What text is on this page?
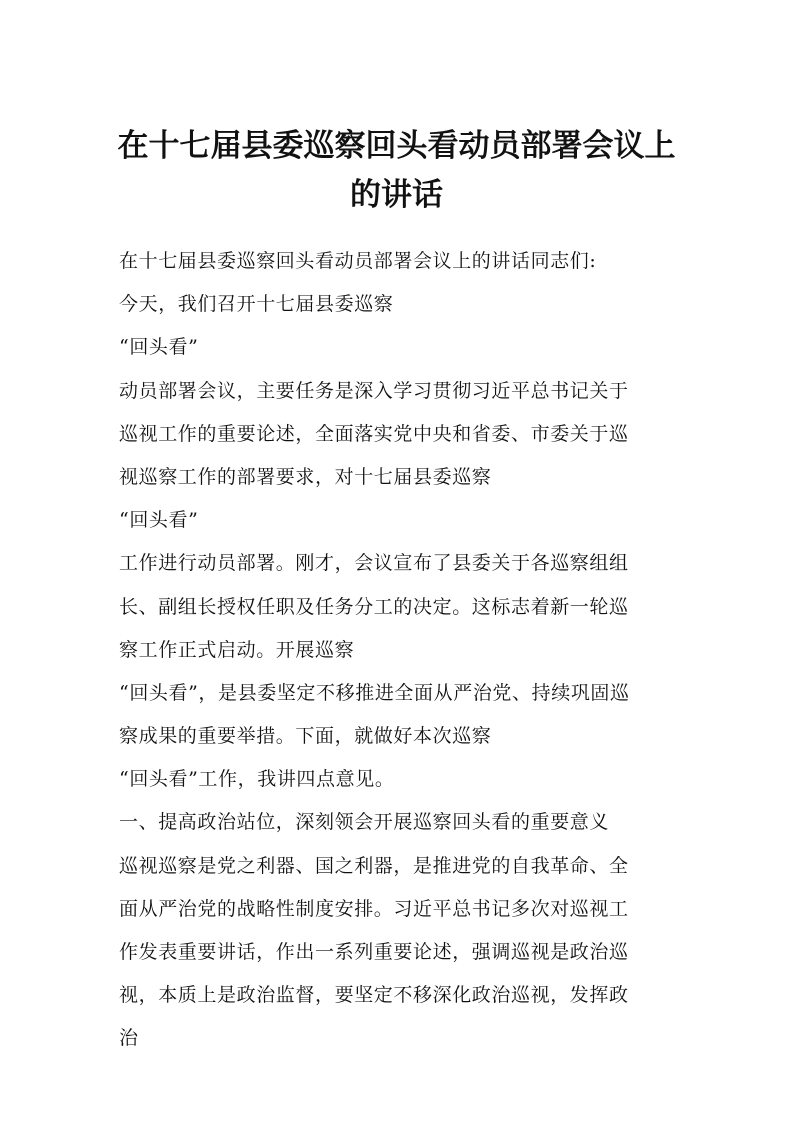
在十七届县委巡察回头看动员部署会议上
的讲话
在十七届县委巡察回头看动员部署会议上的讲话同志们:
今天，我们召开十七届县委巡察
“回头看”
动员部署会议，主要任务是深入学习贯彻习近平总书记关于
巡视工作的重要论述，全面落实党中央和省委、市委关于巡
视巡察工作的部署要求，对十七届县委巡察
“回头看”
工作进行动员部署。刚才，会议宣布了县委关于各巡察组组
长、副组长授权任职及任务分工的决定。这标志着新一轮巡
察工作正式启动。开展巡察
“回头看”，是县委坚定不移推进全面从严治党、持续巩固巡
察成果的重要举措。下面，就做好本次巡察
“回头看”工作，我讲四点意见。
一、提高政治站位，深刻领会开展巡察回头看的重要意义
巡视巡察是党之利器、国之利器，是推进党的自我革命、全
面从严治党的战略性制度安排。习近平总书记多次对巡视工
作发表重要讲话，作出一系列重要论述，强调巡视是政治巡
视，本质上是政治监督，要坚定不移深化政治巡视，发挥政
治
